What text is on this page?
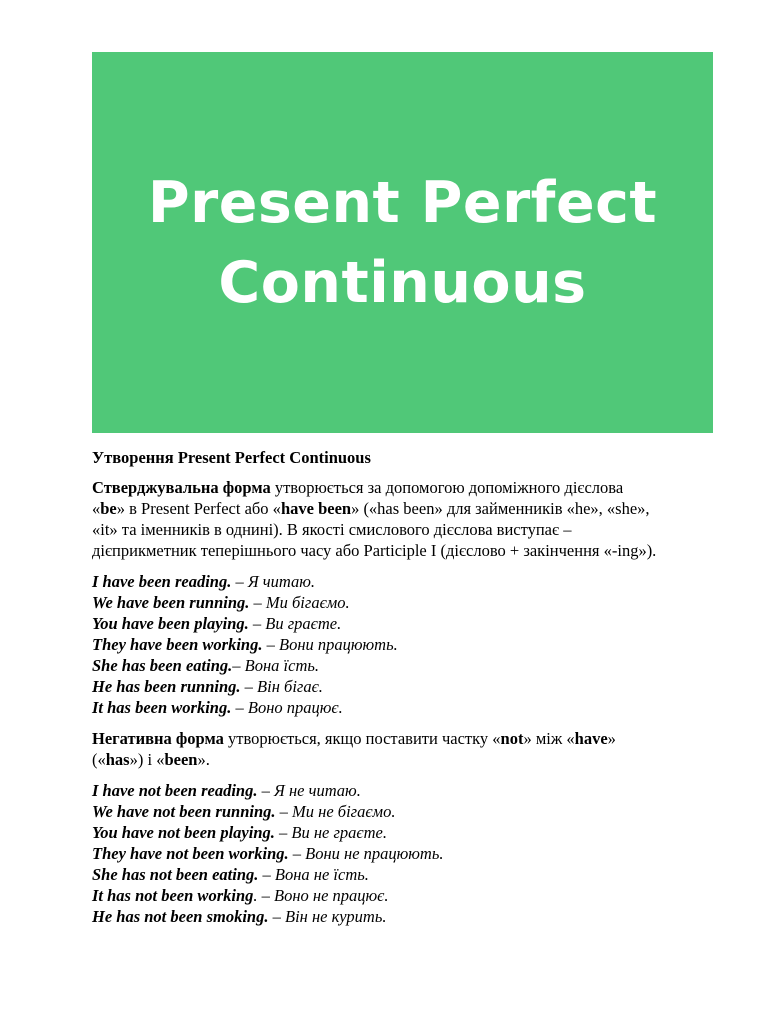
Present Perfect
Continuous
Утворення Present Perfect Continuous
Стверджувальна форма утворюється за допомогою допоміжного дієслова
«be» в Present Perfect або «have been» («has been» для займенників «he», «she»,
«it» та іменників в однині). В якості смислового дієслова виступає –
дієприкметник теперішнього часу або Participle I (дієслово + закінчення «-ing»).
I have been reading. – Я читаю.
We have been running. – Ми бігаємо.
You have been playing. – Ви граєте.
They have been working. – Вони працюють.
She has been eating.– Вона їсть.
He has been running. – Він бігає.
It has been working. – Воно працює.
Негативна форма утворюється, якщо поставити частку «not» між «have»
(«has») і «been».
I have not been reading. – Я не читаю.
We have not been running. – Ми не бігаємо.
You have not been playing. – Ви не граєте.
They have not been working. – Вони не працюють.
She has not been eating. – Вона не їсть.
It has not been working. – Воно не працює.
He has not been smoking. – Він не курить.
